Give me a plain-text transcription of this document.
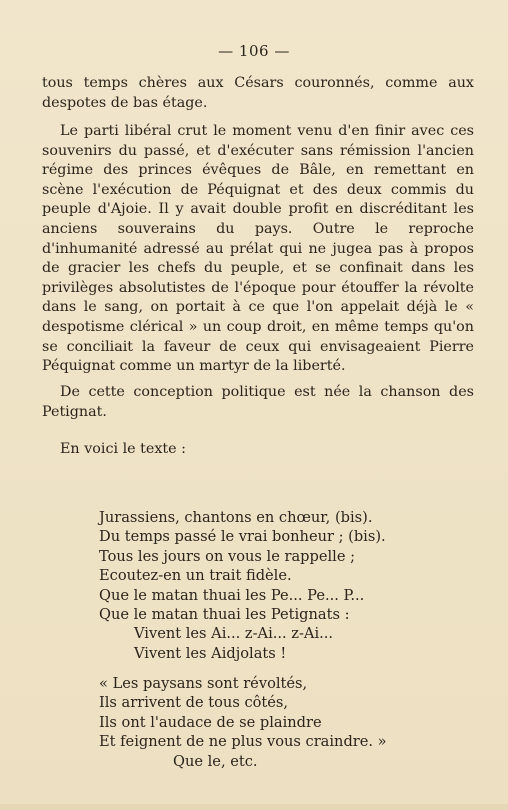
— 106 —

tous temps chères aux Césars couronnés, comme aux despotes de bas étage.

Le parti libéral crut le moment venu d'en finir avec ces souvenirs du passé, et d'exécuter sans rémission l'ancien régime des princes évêques de Bâle, en remettant en scène l'exécution de Péquignat et des deux commis du peuple d'Ajoie. Il y avait double profit en discréditant les anciens souverains du pays. Outre le reproche d'inhumanité adressé au prélat qui ne jugea pas à propos de gracier les chefs du peuple, et se confinait dans les privilèges absolutistes de l'époque pour étouffer la révolte dans le sang, on portait à ce que l'on appelait déjà le « despotisme clérical » un coup droit, en même temps qu'on se conciliait la faveur de ceux qui envisageaient Pierre Péquignat comme un martyr de la liberté.

De cette conception politique est née la chanson des Petignat.

En voici le texte :

Jurassiens, chantons en chœur, (bis).
Du temps passé le vrai bonheur ; (bis).
Tous les jours on vous le rappelle ;
Ecoutez-en un trait fidèle.
Que le matan thuai les Pe... Pe... P...
Que le matan thuai les Petignats :
Vivent les Ai... z-Ai... z-Ai...
Vivent les Aidjolats !
« Les paysans sont révoltés,
Ils arrivent de tous côtés,
Ils ont l'audace de se plaindre
Et feignent de ne plus vous craindre. »
Que le, etc.
